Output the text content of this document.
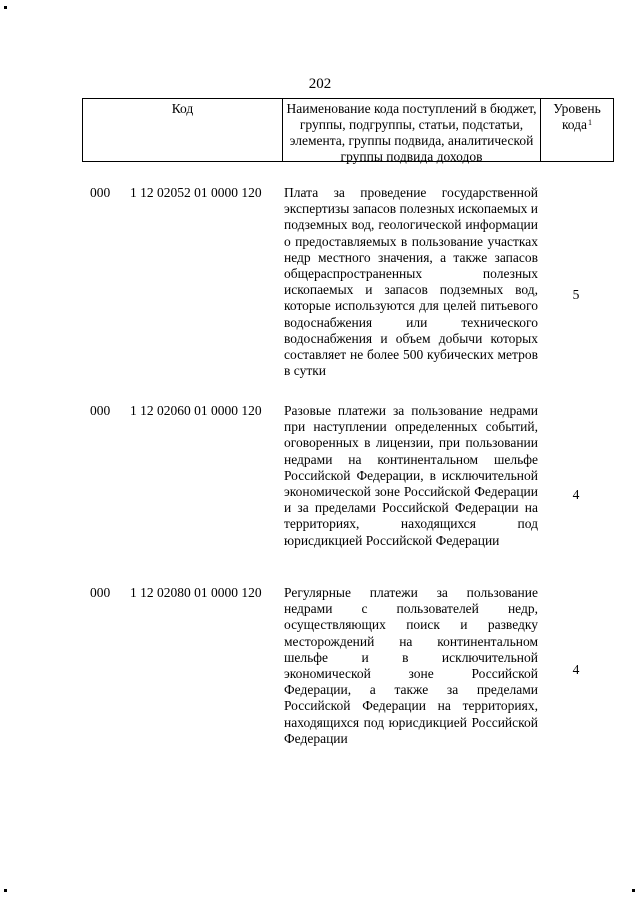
202
Код	Наименование кода поступлений в бюджет, группы, подгруппы, статьи, подстатьи, элемента, группы подвида, аналитической группы подвида доходов
Уровень кода$^1$
000 1 12 02052 01 0000 120 Плата за проведение государственной экспертизы запасов полезных ископаемых и подземных вод, геологической информации о предоставляемых в пользование участках недр местного значения, а также запасов общераспространенных полезных ископаемых и запасов подземных вод, которые используются для целей питьевого водоснабжения или технического водоснабжения и объем добычи которых составляет не более 500 кубических метров в сутки
5
000 1 12 02060 01 0000 120 Разовые платежи за пользование недрами при наступлении определенных событий, оговоренных в лицензии, при пользовании недрами на континентальном шельфе Российской Федерации, в исключительной экономической зоне Российской Федерации и за пределами Российской Федерации на территориях, находящихся под юрисдикцией Российской Федерации
4
000 1 12 02080 01 0000 120 Регулярные платежи за пользование недрами с пользователей недр, осуществляющих поиск и разведку месторождений на континентальном шельфе и в исключительной экономической зоне Российской Федерации, а также за пределами Российской Федерации на территориях, находящихся под юрисдикцией Российской Федерации
4
